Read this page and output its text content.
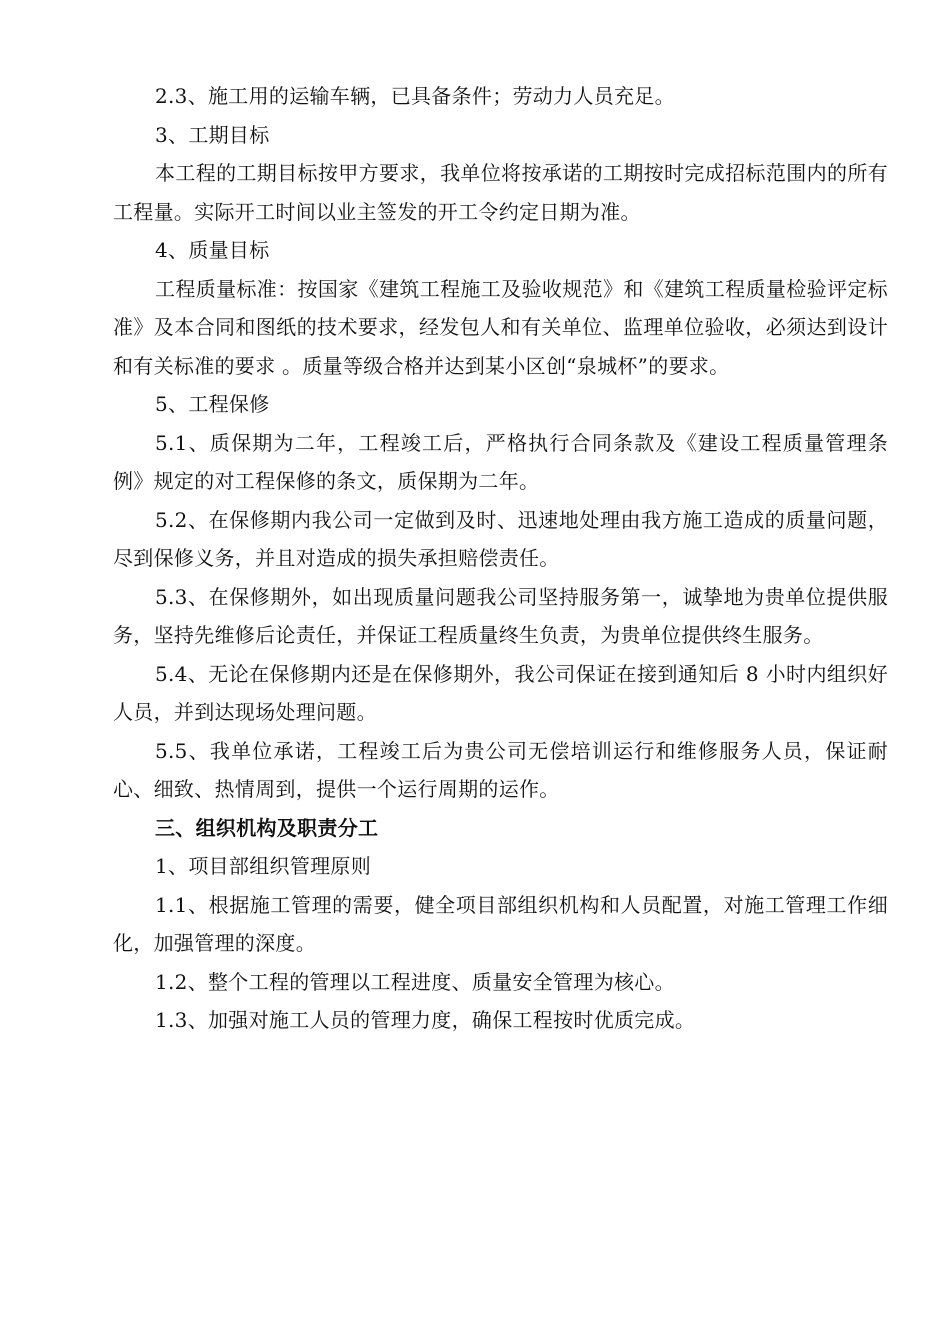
2.3、施工用的运输车辆，已具备条件；劳动力人员充足。

3、工期目标

本工程的工期目标按甲方要求，我单位将按承诺的工期按时完成招标范围内的所有工程量。实际开工时间以业主签发的开工令约定日期为准。

4、质量目标

工程质量标准：按国家《建筑工程施工及验收规范》和《建筑工程质量检验评定标准》及本合同和图纸的技术要求，经发包人和有关单位、监理单位验收，必须达到设计和有关标准的要求 。质量等级合格并达到某小区创“泉城杯”的要求。

5、工程保修

5.1、质保期为二年，工程竣工后，严格执行合同条款及《建设工程质量管理条例》规定的对工程保修的条文，质保期为二年。

5.2、在保修期内我公司一定做到及时、迅速地处理由我方施工造成的质量问题，尽到保修义务，并且对造成的损失承担赔偿责任。

5.3、在保修期外，如出现质量问题我公司坚持服务第一，诚挚地为贵单位提供服务，坚持先维修后论责任，并保证工程质量终生负责，为贵单位提供终生服务。

5.4、无论在保修期内还是在保修期外，我公司保证在接到通知后 8 小时内组织好人员，并到达现场处理问题。

5.5、我单位承诺，工程竣工后为贵公司无偿培训运行和维修服务人员，保证耐心、细致、热情周到，提供一个运行周期的运作。

三、组织机构及职责分工

1、项目部组织管理原则

1.1、根据施工管理的需要，健全项目部组织机构和人员配置，对施工管理工作细化，加强管理的深度。

1.2、整个工程的管理以工程进度、质量安全管理为核心。

1.3、加强对施工人员的管理力度，确保工程按时优质完成。
